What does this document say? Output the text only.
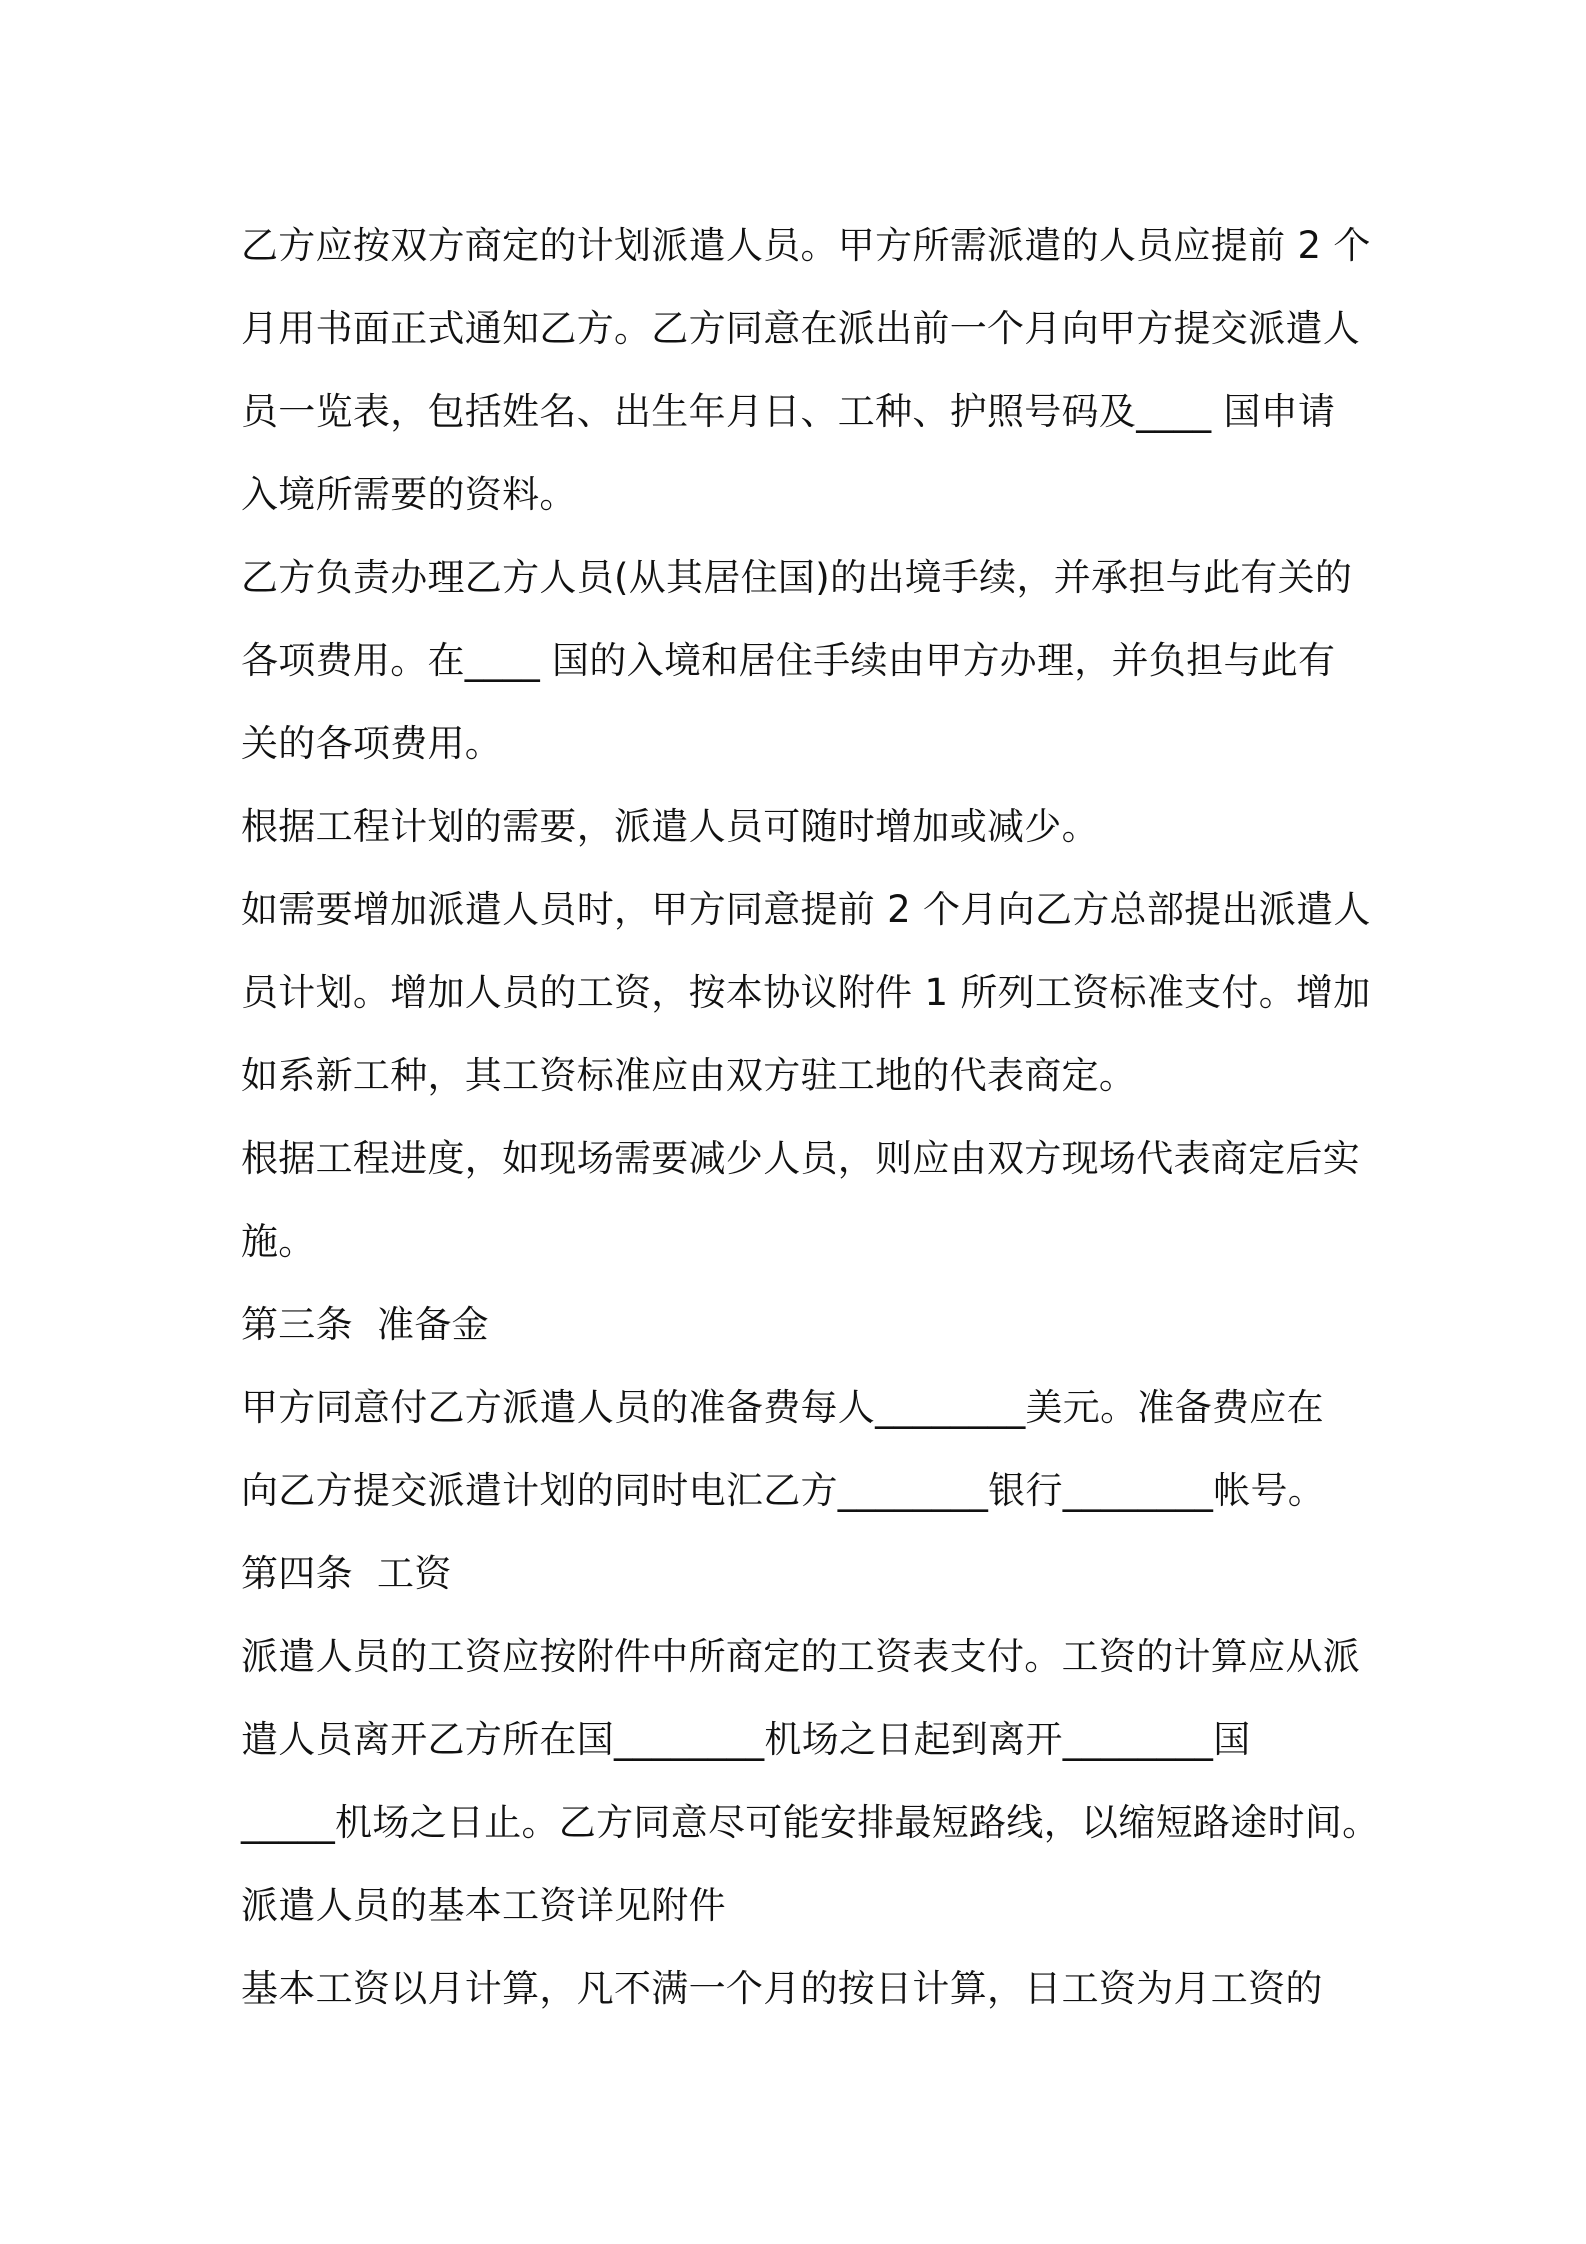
乙方应按双方商定的计划派遣人员。甲方所需派遣的人员应提前 2 个
月用书面正式通知乙方。乙方同意在派出前一个月向甲方提交派遣人
员一览表，包括姓名、出生年月日、工种、护照号码及____ 国申请
入境所需要的资料。
乙方负责办理乙方人员(从其居住国)的出境手续，并承担与此有关的
各项费用。在____ 国的入境和居住手续由甲方办理，并负担与此有
关的各项费用。
根据工程计划的需要，派遣人员可随时增加或减少。
如需要增加派遣人员时，甲方同意提前 2 个月向乙方总部提出派遣人
员计划。增加人员的工资，按本协议附件 1 所列工资标准支付。增加
如系新工种，其工资标准应由双方驻工地的代表商定。
根据工程进度，如现场需要减少人员，则应由双方现场代表商定后实
施。
第三条  准备金
甲方同意付乙方派遣人员的准备费每人________美元。准备费应在
向乙方提交派遣计划的同时电汇乙方________银行________帐号。
第四条  工资
派遣人员的工资应按附件中所商定的工资表支付。工资的计算应从派
遣人员离开乙方所在国________机场之日起到离开________国
_____机场之日止。乙方同意尽可能安排最短路线，以缩短路途时间。
派遣人员的基本工资详见附件
基本工资以月计算，凡不满一个月的按日计算，日工资为月工资的
